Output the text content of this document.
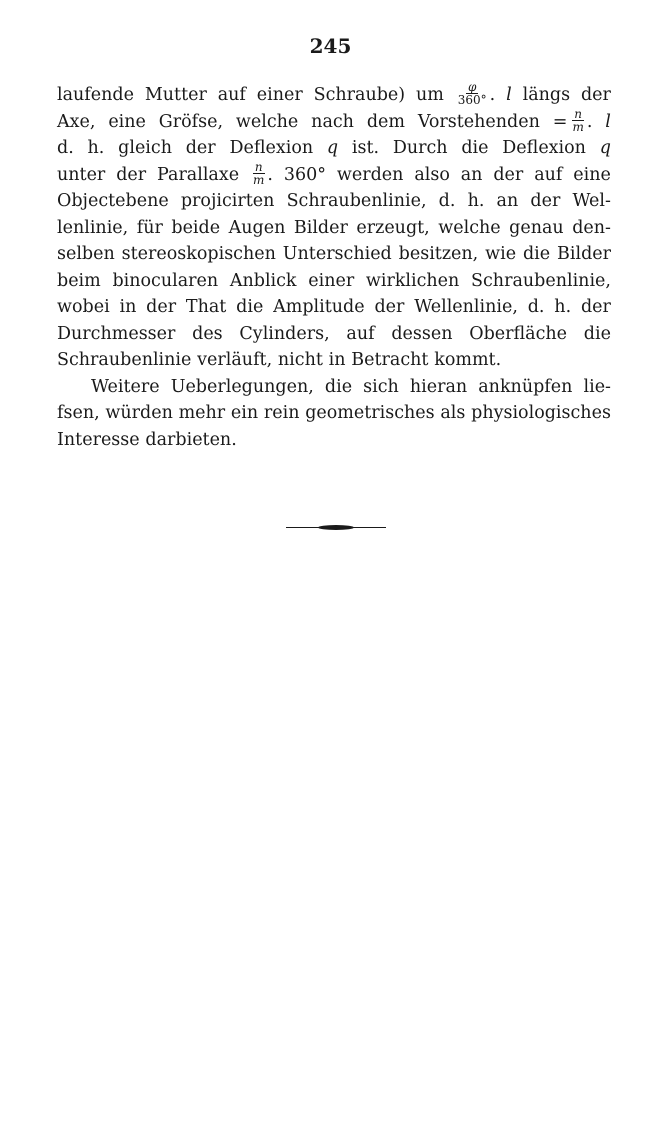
245
laufende Mutter auf einer Schraube) um $\frac{\varphi}{360^\circ}$ . l längs der
Axe, eine Gröfse, welche nach dem Vorstehenden = $\frac{n}{m}$ . l
d. h. gleich der Deflexion q ist. Durch die Deflexion q
unter der Parallaxe $\frac{n}{m}$ . 360° werden also an der auf eine
Objectebene projicirten Schraubenlinie, d. h. an der Wel-
lenlinie, für beide Augen Bilder erzeugt, welche genau den-
selben stereoskopischen Unterschied besitzen, wie die Bilder
beim binocularen Anblick einer wirklichen Schraubenlinie,
wobei in der That die Amplitude der Wellenlinie, d. h. der
Durchmesser des Cylinders, auf dessen Oberfläche die
Schraubenlinie verläuft, nicht in Betracht kommt.
Weitere Ueberlegungen, die sich hieran anknüpfen lie-
fsen, würden mehr ein rein geometrisches als physiologisches
Interesse darbieten.
